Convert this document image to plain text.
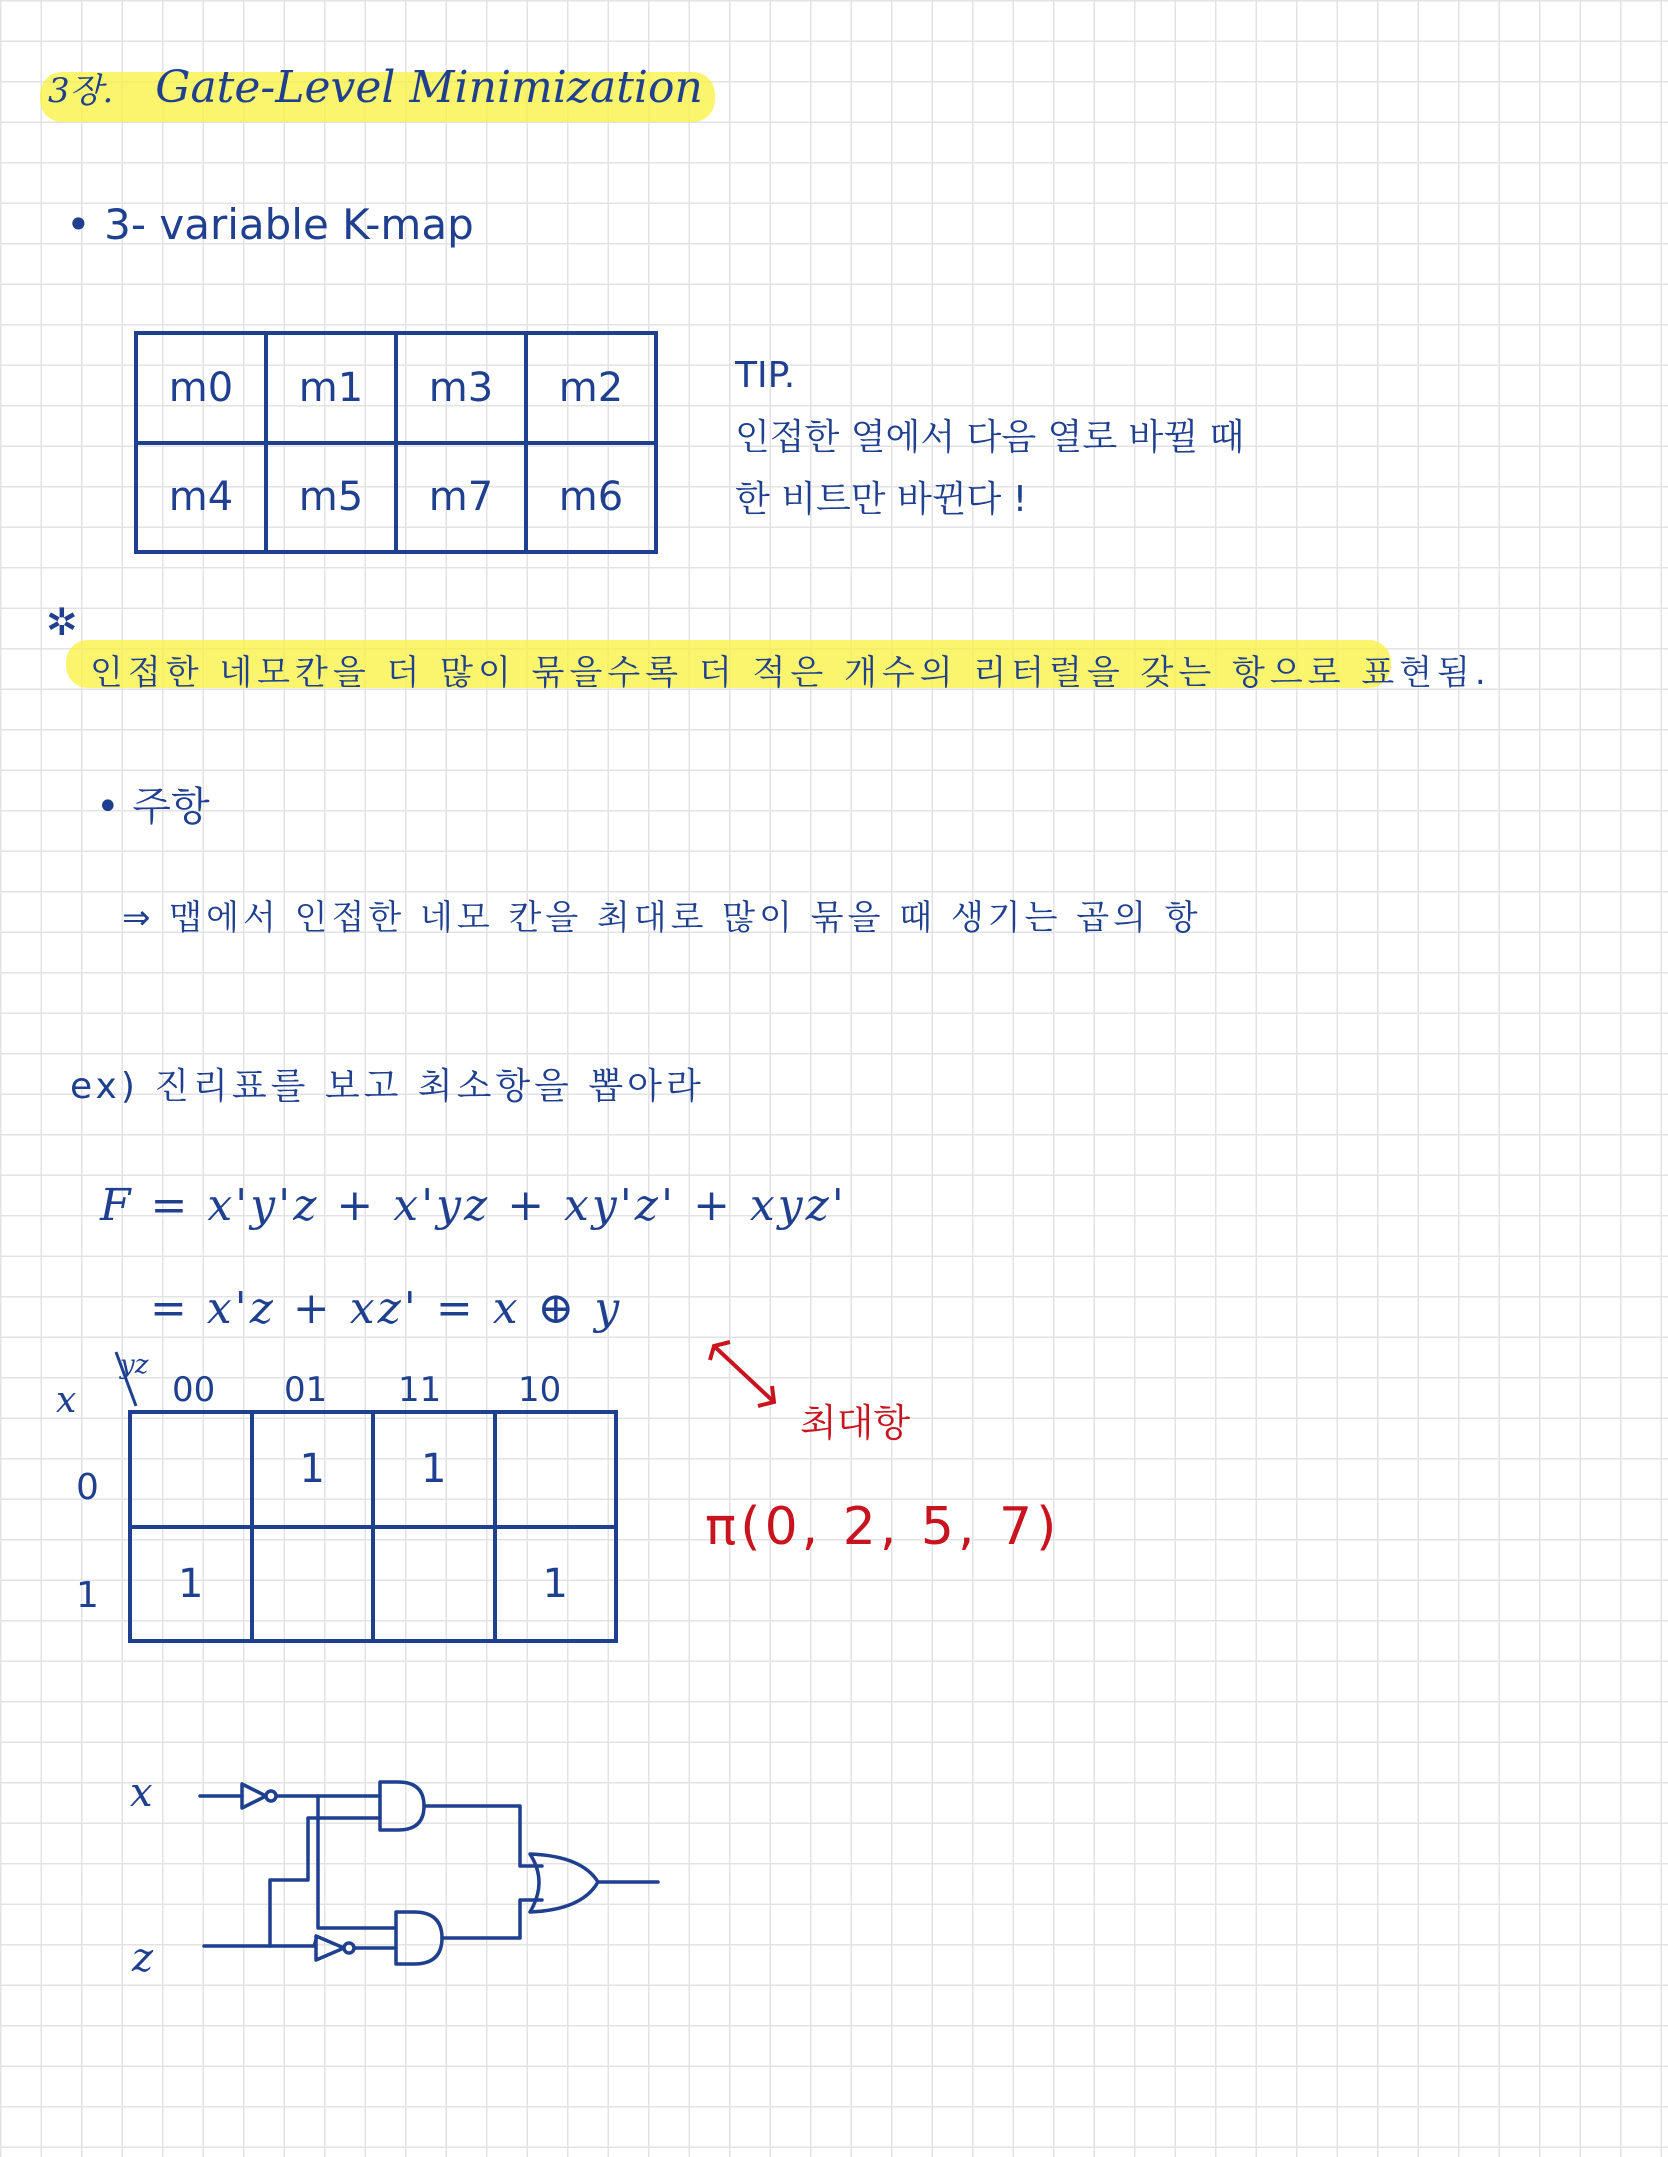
3장. Gate-Level Minimization
• 3- variable K-map
m0	m1	m3	m2
m4	m5	m7	m6
TIP.
인접한 열에서 다음 열로 바뀔 때
한 비트만 바뀐다 !
✲
인접한 네모칸을 더 많이 묶을수록 더 적은 개수의 리터럴을 갖는 항으로 표현됨.
• 주항
⇒ 맵에서 인접한 네모 칸을 최대로 많이 묶을 때 생기는 곱의 항
ex) 진리표를 보고 최소항을 뽑아라
F = x'y'z + x'yz + xy'z' + xyz'
= x'z + xz' = x ⊕ y
x
yz
00 01 11 10
0
1
	1	1	
1			1
최대항
π(0, 2, 5, 7)
x
z
